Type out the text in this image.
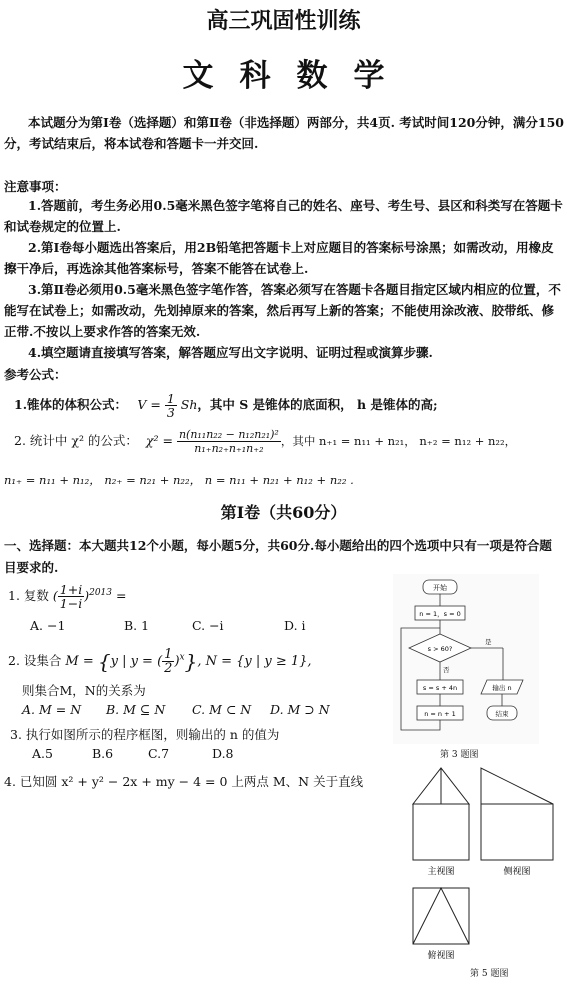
高三巩固性训练
文科数学
本试题分为第Ⅰ卷（选择题）和第Ⅱ卷（非选择题）两部分，共4页. 考试时间120分钟，满分150分，考试结束后，将本试卷和答题卡一并交回.
注意事项：
1.答题前，考生务必用0.5毫米黑色签字笔将自己的姓名、座号、考生号、县区和科类写在答题卡和试卷规定的位置上.
2.第Ⅰ卷每小题选出答案后，用2B铅笔把答题卡上对应题目的答案标号涂黑；如需改动，用橡皮擦干净后，再选涂其他答案标号，答案不能答在试卷上.
3.第Ⅱ卷必须用0.5毫米黑色签字笔作答，答案必须写在答题卡各题目指定区域内相应的位置，不能写在试卷上；如需改动，先划掉原来的答案，然后再写上新的答案；不能使用涂改液、胶带纸、修正带.不按以上要求作答的答案无效.
4.填空题请直接填写答案，解答题应写出文字说明、证明过程或演算步骤.
参考公式：
1.锥体的体积公式： $V = \frac{1}{3}$ Sh，其中 S 是锥体的底面积， h 是锥体的高;
2. 统计中 χ² 的公式： $\chi^2 = \frac{\text{n(n₁₁n₂₂ − n₁₂n₂₁)²}}{\text{n₁₊n₂₊n₊₁n₊₂}}$ ，其中 n₊₁ = n₁₁ + n₂₁， n₊₂ = n₁₂ + n₂₂，
n₁₊ = n₁₁ + n₁₂， n₂₊ = n₂₁ + n₂₂， n = n₁₁ + n₂₁ + n₁₂ + n₂₂ .
第Ⅰ卷（共60分）
一、选择题：本大题共12个小题，每小题5分，共60分.每小题给出的四个选项中只有一项是符合题目要求的.
1. 复数 ( $\frac{1+i}{1-i} )^{2013}$ =
A. −1	B. 1	C. −i	D. i
2. 设集合 M = {y | y = ( $\frac{1}{2} )^x$}, N = {y | y ≥ 1},
则集合M，N的关系为
A. M = N B. M ⊆ N C. M ⊂ N D. M ⊃ N
3. 执行如图所示的程序框图，则输出的 n 的值为
A.5	B.6	C.7	D.8
4. 已知圆 x² + y² − 2x + my − 4 = 0 上两点 M、N 关于直线
开始
n = 1，s = 0
s > 60?
是
否
s = s + 4n	输出 n
n = n + 1	结束
第 3 题图
主视图	侧视图
俯视图
第 5 题图
